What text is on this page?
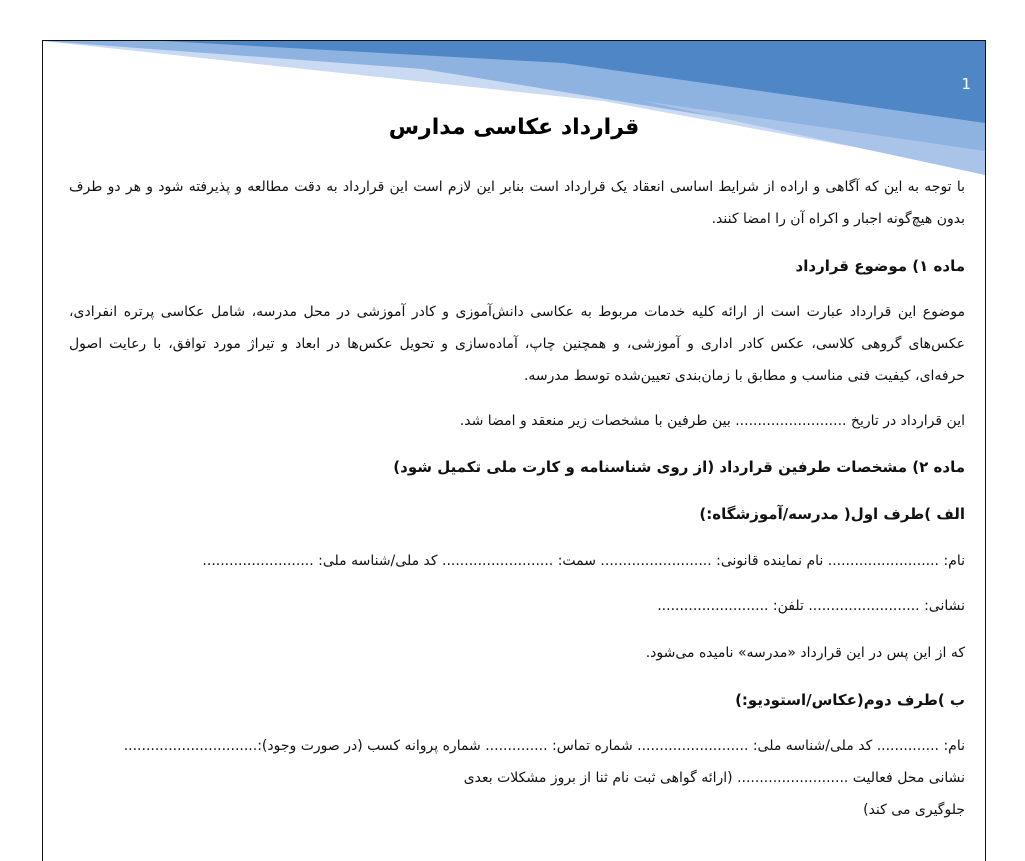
1
قرارداد عکاسی مدارس
با توجه به این که آگاهی و اراده از شرایط اساسی انعقاد یک قرارداد است بنابر این لازم است این قرارداد به دقت مطالعه و پذیرفته شود و هر دو طرف
بدون هیچ‌گونه اجبار و اکراه آن را امضا کنند.
ماده ۱) موضوع قرارداد
موضوع این قرارداد عبارت است از ارائه کلیه خدمات مربوط به عکاسی دانش‌آموزی و کادر آموزشی در محل مدرسه، شامل عکاسی پرتره انفرادی،
عکس‌های گروهی کلاسی، عکس کادر اداری و آموزشی، و همچنین چاپ، آماده‌سازی و تحویل عکس‌ها در ابعاد و تیراژ مورد توافق، با رعایت اصول
حرفه‌ای، کیفیت فنی مناسب و مطابق با زمان‌بندی تعیین‌شده توسط مدرسه.
این قرارداد در تاریخ ......................... بین طرفین با مشخصات زیر منعقد و امضا شد.
ماده ۲) مشخصات طرفین قرارداد (از روی شناسنامه و کارت ملی تکمیل شود)
الف )طرف اول( مدرسه/آموزشگاه:)
نام: ......................... نام نماینده قانونی: ......................... سمت: ......................... کد ملی/شناسه ملی: .........................
نشانی: ......................... تلفن: .........................
که از این پس در این قرارداد «مدرسه» نامیده می‌شود.
ب )طرف دوم(عکاس/استودیو:)
نام: .............. کد ملی/شناسه ملی: ......................... شماره تماس: .............. شماره پروانه کسب (در صورت وجود):..............................
نشانی محل فعالیت ......................... (ارائه گواهی ثبت نام ثنا از بروز مشکلات بعدی
جلوگیری می کند)
